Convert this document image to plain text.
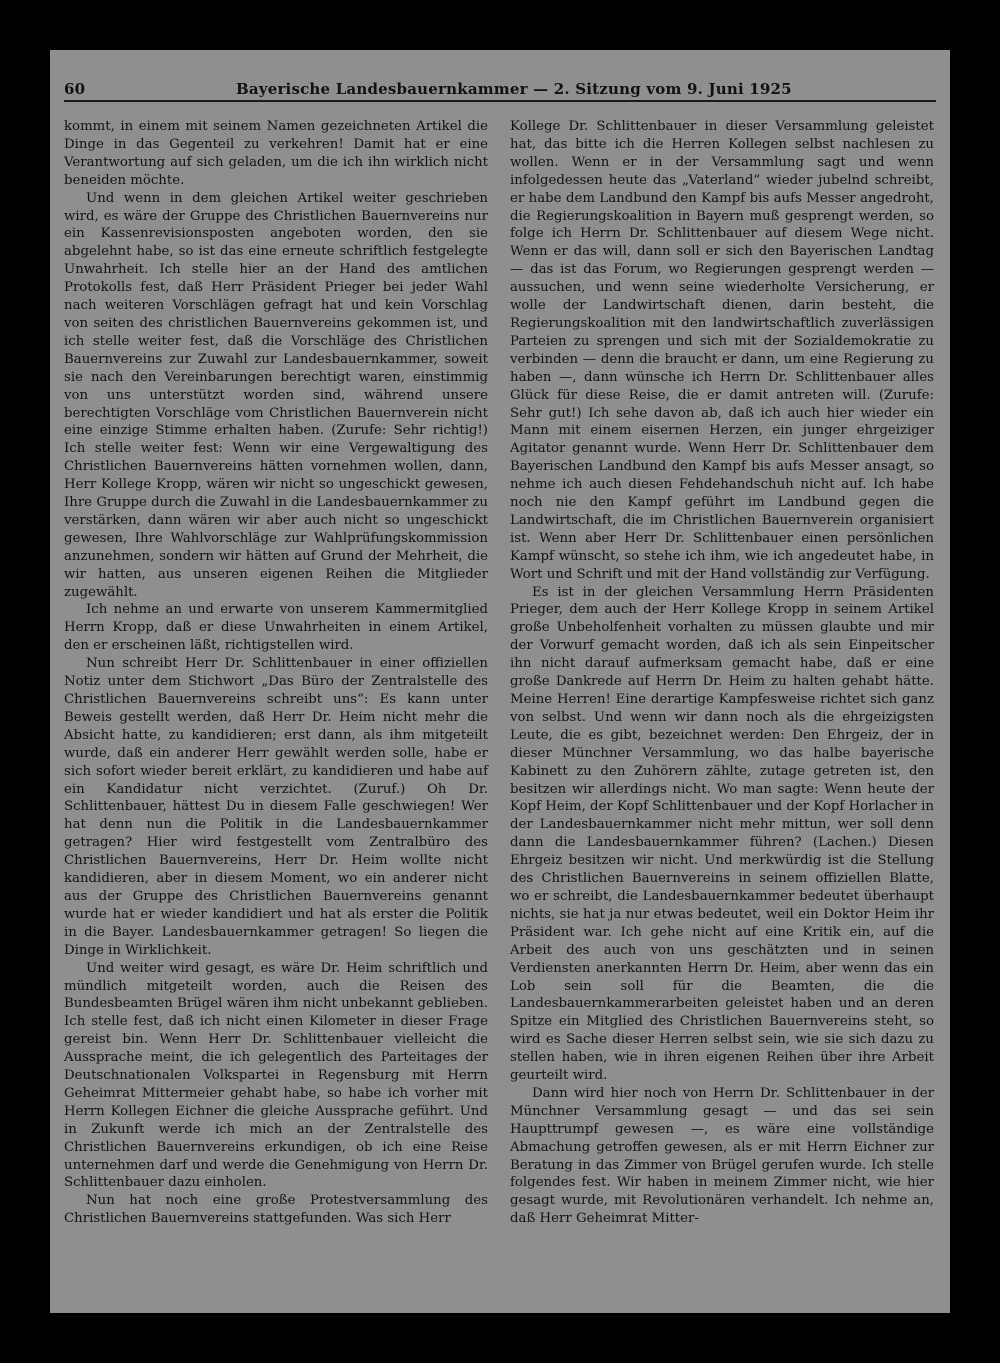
60	Bayerische Landesbauernkammer — 2. Sitzung vom 9. Juni 1925

kommt, in einem mit seinem Namen gezeichneten Artikel die Dinge in das Gegenteil zu verkehren! Damit hat er eine Verantwortung auf sich geladen, um die ich ihn wirklich nicht beneiden möchte.

Und wenn in dem gleichen Artikel weiter geschrieben wird, es wäre der Gruppe des Christlichen Bauernvereins nur ein Kassenrevisionsposten angeboten worden, den sie abgelehnt habe, so ist das eine erneute schriftlich festgelegte Unwahrheit. Ich stelle hier an der Hand des amtlichen Protokolls fest, daß Herr Präsident Prieger bei jeder Wahl nach weiteren Vorschlägen gefragt hat und kein Vorschlag von seiten des christlichen Bauernvereins gekommen ist, und ich stelle weiter fest, daß die Vorschläge des Christlichen Bauernvereins zur Zuwahl zur Landesbauernkammer, soweit sie nach den Vereinbarungen berechtigt waren, einstimmig von uns unterstützt worden sind, während unsere berechtigten Vorschläge vom Christlichen Bauernverein nicht eine einzige Stimme erhalten haben. (Zurufe: Sehr richtig!) Ich stelle weiter fest: Wenn wir eine Vergewaltigung des Christlichen Bauernvereins hätten vornehmen wollen, dann, Herr Kollege Kropp, wären wir nicht so ungeschickt gewesen, Ihre Gruppe durch die Zuwahl in die Landesbauernkammer zu verstärken, dann wären wir aber auch nicht so ungeschickt gewesen, Ihre Wahlvorschläge zur Wahlprüfungskommission anzunehmen, sondern wir hätten auf Grund der Mehrheit, die wir hatten, aus unseren eigenen Reihen die Mitglieder zugewählt.

Ich nehme an und erwarte von unserem Kammermitglied Herrn Kropp, daß er diese Unwahrheiten in einem Artikel, den er erscheinen läßt, richtigstellen wird.

Nun schreibt Herr Dr. Schlittenbauer in einer offiziellen Notiz unter dem Stichwort „Das Büro der Zentralstelle des Christlichen Bauernvereins schreibt uns“: Es kann unter Beweis gestellt werden, daß Herr Dr. Heim nicht mehr die Absicht hatte, zu kandidieren; erst dann, als ihm mitgeteilt wurde, daß ein anderer Herr gewählt werden solle, habe er sich sofort wieder bereit erklärt, zu kandidieren und habe auf ein Kandidatur nicht verzichtet. (Zuruf.) Oh Dr. Schlittenbauer, hättest Du in diesem Falle geschwiegen! Wer hat denn nun die Politik in die Landesbauernkammer getragen? Hier wird festgestellt vom Zentralbüro des Christlichen Bauernvereins, Herr Dr. Heim wollte nicht kandidieren, aber in diesem Moment, wo ein anderer nicht aus der Gruppe des Christlichen Bauernvereins genannt wurde hat er wieder kandidiert und hat als erster die Politik in die Bayer. Landesbauernkammer getragen! So liegen die Dinge in Wirklichkeit.

Und weiter wird gesagt, es wäre Dr. Heim schriftlich und mündlich mitgeteilt worden, auch die Reisen des Bundesbeamten Brügel wären ihm nicht unbekannt geblieben. Ich stelle fest, daß ich nicht einen Kilometer in dieser Frage gereist bin. Wenn Herr Dr. Schlittenbauer vielleicht die Aussprache meint, die ich gelegentlich des Parteitages der Deutschnationalen Volkspartei in Regensburg mit Herrn Geheimrat Mittermeier gehabt habe, so habe ich vorher mit Herrn Kollegen Eichner die gleiche Aussprache geführt. Und in Zukunft werde ich mich an der Zentralstelle des Christlichen Bauernvereins erkundigen, ob ich eine Reise unternehmen darf und werde die Genehmigung von Herrn Dr. Schlittenbauer dazu einholen.

Nun hat noch eine große Protestversammlung des Christlichen Bauernvereins stattgefunden. Was sich Herr

Kollege Dr. Schlittenbauer in dieser Versammlung geleistet hat, das bitte ich die Herren Kollegen selbst nachlesen zu wollen. Wenn er in der Versammlung sagt und wenn infolgedessen heute das „Vaterland“ wieder jubelnd schreibt, er habe dem Landbund den Kampf bis aufs Messer angedroht, die Regierungskoalition in Bayern muß gesprengt werden, so folge ich Herrn Dr. Schlittenbauer auf diesem Wege nicht. Wenn er das will, dann soll er sich den Bayerischen Landtag — das ist das Forum, wo Regierungen gesprengt werden — aussuchen, und wenn seine wiederholte Versicherung, er wolle der Landwirtschaft dienen, darin besteht, die Regierungskoalition mit den landwirtschaftlich zuverlässigen Parteien zu sprengen und sich mit der Sozialdemokratie zu verbinden — denn die braucht er dann, um eine Regierung zu haben —, dann wünsche ich Herrn Dr. Schlittenbauer alles Glück für diese Reise, die er damit antreten will. (Zurufe: Sehr gut!) Ich sehe davon ab, daß ich auch hier wieder ein Mann mit einem eisernen Herzen, ein junger ehrgeiziger Agitator genannt wurde. Wenn Herr Dr. Schlittenbauer dem Bayerischen Landbund den Kampf bis aufs Messer ansagt, so nehme ich auch diesen Fehdehandschuh nicht auf. Ich habe noch nie den Kampf geführt im Landbund gegen die Landwirtschaft, die im Christlichen Bauernverein organisiert ist. Wenn aber Herr Dr. Schlittenbauer einen persönlichen Kampf wünscht, so stehe ich ihm, wie ich angedeutet habe, in Wort und Schrift und mit der Hand vollständig zur Verfügung.

Es ist in der gleichen Versammlung Herrn Präsidenten Prieger, dem auch der Herr Kollege Kropp in seinem Artikel große Unbeholfenheit vorhalten zu müssen glaubte und mir der Vorwurf gemacht worden, daß ich als sein Einpeitscher ihn nicht darauf aufmerksam gemacht habe, daß er eine große Dankrede auf Herrn Dr. Heim zu halten gehabt hätte. Meine Herren! Eine derartige Kampfesweise richtet sich ganz von selbst. Und wenn wir dann noch als die ehrgeizigsten Leute, die es gibt, bezeichnet werden: Den Ehrgeiz, der in dieser Münchner Versammlung, wo das halbe bayerische Kabinett zu den Zuhörern zählte, zutage getreten ist, den besitzen wir allerdings nicht. Wo man sagte: Wenn heute der Kopf Heim, der Kopf Schlittenbauer und der Kopf Horlacher in der Landesbauernkammer nicht mehr mittun, wer soll denn dann die Landesbauernkammer führen? (Lachen.) Diesen Ehrgeiz besitzen wir nicht. Und merkwürdig ist die Stellung des Christlichen Bauernvereins in seinem offiziellen Blatte, wo er schreibt, die Landesbauernkammer bedeutet überhaupt nichts, sie hat ja nur etwas bedeutet, weil ein Doktor Heim ihr Präsident war. Ich gehe nicht auf eine Kritik ein, auf die Arbeit des auch von uns geschätzten und in seinen Verdiensten anerkannten Herrn Dr. Heim, aber wenn das ein Lob sein soll für die Beamten, die die Landesbauernkammerarbeiten geleistet haben und an deren Spitze ein Mitglied des Christlichen Bauernvereins steht, so wird es Sache dieser Herren selbst sein, wie sie sich dazu zu stellen haben, wie in ihren eigenen Reihen über ihre Arbeit geurteilt wird.

Dann wird hier noch von Herrn Dr. Schlittenbauer in der Münchner Versammlung gesagt — und das sei sein Haupttrumpf gewesen —, es wäre eine vollständige Abmachung getroffen gewesen, als er mit Herrn Eichner zur Beratung in das Zimmer von Brügel gerufen wurde. Ich stelle folgendes fest. Wir haben in meinem Zimmer nicht, wie hier gesagt wurde, mit Revolutionären verhandelt. Ich nehme an, daß Herr Geheimrat Mitter-
